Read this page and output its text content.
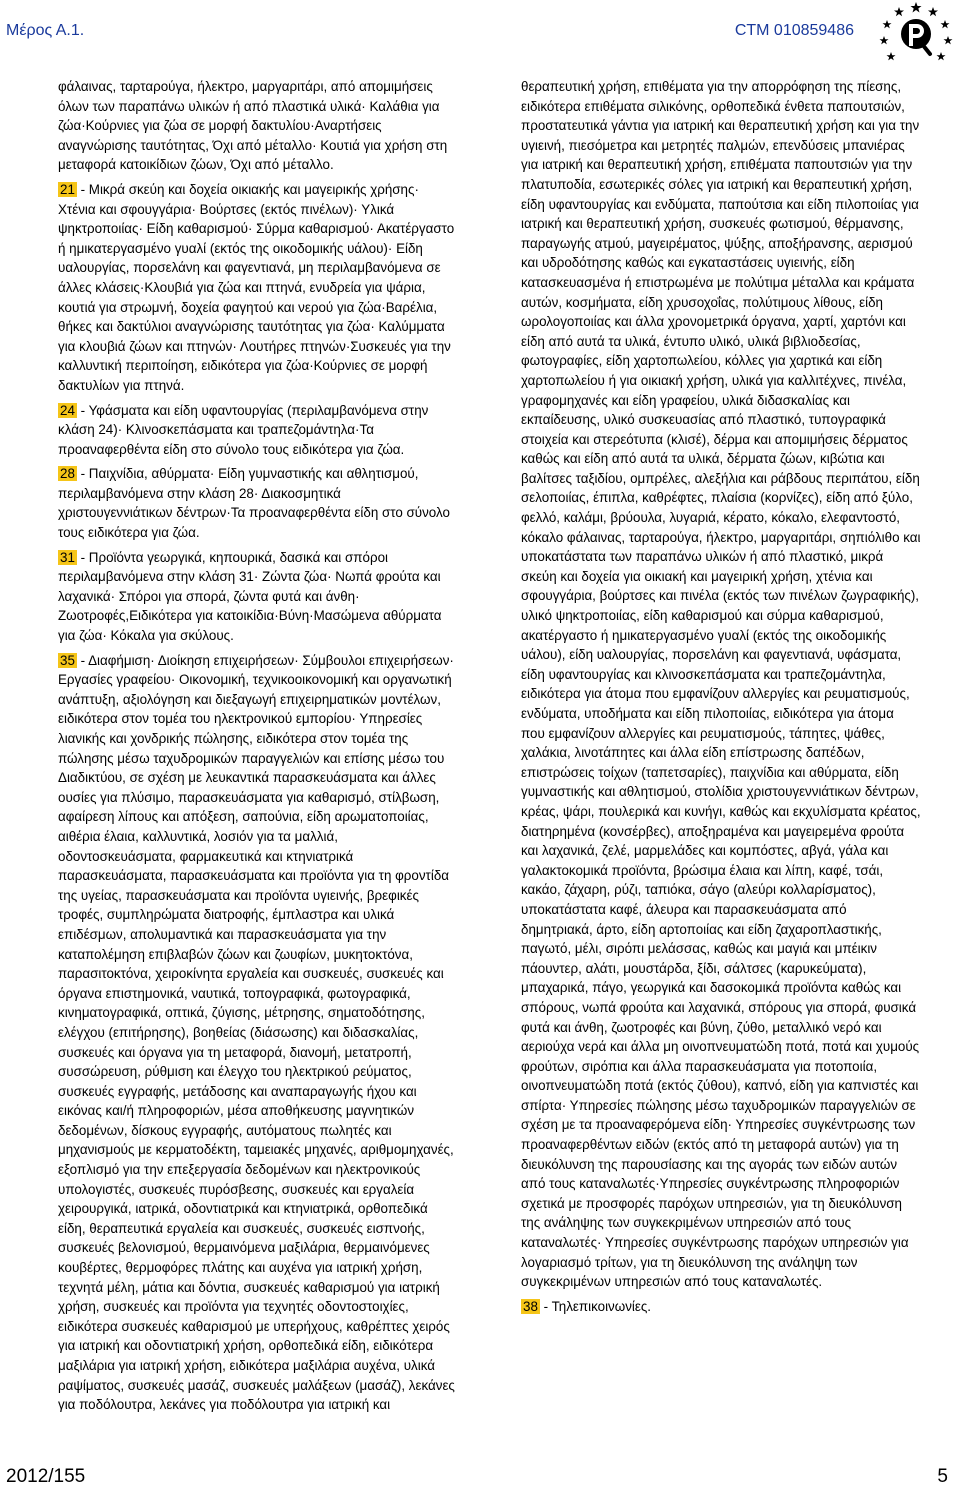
Μέρος Α.1.	CTM 010859486

φάλαινας, ταρταρούγα, ήλεκτρο, μαργαριτάρι, από απομιμήσεις όλων των παραπάνω υλικών ή από πλαστικά υλικά· Καλάθια για ζώα·Κούρνιες για ζώα σε μορφή δακτυλίου·Αναρτήσεις αναγνώρισης ταυτότητας, Όχι από μέταλλο· Κουτιά για χρήση στη μεταφορά κατοικίδιων ζώων, Όχι από μέταλλο.

21 - Μικρά σκεύη και δοχεία οικιακής και μαγειρικής χρήσης· Χτένια και σφουγγάρια· Βούρτσες (εκτός πινέλων)· Υλικά ψηκτροποιίας· Είδη καθαρισμού· Σύρμα καθαρισμού· Ακατέργαστο ή ημικατεργασμένο γυαλί (εκτός της οικοδομικής υάλου)· Είδη υαλουργίας, πορσελάνη και φαγεντιανά, μη περιλαμβανόμενα σε άλλες κλάσεις·Κλουβιά για ζώα και πτηνά, ενυδρεία για ψάρια, κουτιά για στρωμνή, δοχεία φαγητού και νερού για ζώα·Βαρέλια, θήκες και δακτύλιοι αναγνώρισης ταυτότητας για ζώα· Καλύμματα για κλουβιά ζώων και πτηνών· Λουτήρες πτηνών·Συσκευές για την καλλυντική περιποίηση, ειδικότερα για ζώα·Κούρνιες σε μορφή δακτυλίων για πτηνά.

24 - Υφάσματα και είδη υφαντουργίας (περιλαμβανόμενα στην κλάση 24)· Κλινοσκεπάσματα και τραπεζομάντηλα·Τα προαναφερθέντα είδη στο σύνολο τους ειδικότερα για ζώα.

28 - Παιχνίδια, αθύρματα· Είδη γυμναστικής και αθλητισμού, περιλαμβανόμενα στην κλάση 28· Διακοσμητικά χριστουγεννιάτικων δέντρων·Τα προαναφερθέντα είδη στο σύνολο τους ειδικότερα για ζώα.

31 - Προϊόντα γεωργικά, κηπουρικά, δασικά και σπόροι περιλαμβανόμενα στην κλάση 31· Ζώντα ζώα· Νωπά φρούτα και λαχανικά· Σπόροι για σπορά, ζώντα φυτά και άνθη· Ζωοτροφές,Ειδικότερα για κατοικίδια·Βύνη·Μασώμενα αθύρματα για ζώα· Κόκαλα για σκύλους.

35 - Διαφήμιση· Διοίκηση επιχειρήσεων· Σύμβουλοι επιχειρήσεων· Εργασίες γραφείου· Οικονομική, τεχνικοοικονομική και οργανωτική ανάπτυξη, αξιολόγηση και διεξαγωγή επιχειρηματικών μοντέλων, ειδικότερα στον τομέα του ηλεκτρονικού εμπορίου· Υπηρεσίες λιανικής και χονδρικής πώλησης, ειδικότερα στον τομέα της πώλησης μέσω ταχυδρομικών παραγγελιών και επίσης μέσω του Διαδικτύου, σε σχέση με λευκαντικά παρασκευάσματα και άλλες ουσίες για πλύσιμο, παρασκευάσματα για καθαρισμό, στίλβωση, αφαίρεση λίπους και απόξεση, σαπούνια, είδη αρωματοποιίας, αιθέρια έλαια, καλλυντικά, λοσιόν για τα μαλλιά, οδοντοσκευάσματα, φαρμακευτικά και κτηνιατρικά παρασκευάσματα, παρασκευάσματα και προϊόντα για τη φροντίδα της υγείας, παρασκευάσματα και προϊόντα υγιεινής, βρεφικές τροφές, συμπληρώματα διατροφής, έμπλαστρα και υλικά επιδέσμων, απολυμαντικά και παρασκευάσματα για την καταπολέμηση επιβλαβών ζώων και ζωυφίων, μυκητοκτόνα, παρασιτοκτόνα, χειροκίνητα εργαλεία και συσκευές, συσκευές και όργανα επιστημονικά, ναυτικά, τοπογραφικά, φωτογραφικά, κινηματογραφικά, οπτικά, ζύγισης, μέτρησης, σηματοδότησης, ελέγχου (επιτήρησης), βοηθείας (διάσωσης) και διδασκαλίας, συσκευές και όργανα για τη μεταφορά, διανομή, μετατροπή, συσσώρευση, ρύθμιση και έλεγχο του ηλεκτρικού ρεύματος, συσκευές εγγραφής, μετάδοσης και αναπαραγωγής ήχου και εικόνας και/ή πληροφοριών, μέσα αποθήκευσης μαγνητικών δεδομένων, δίσκους εγγραφής, αυτόματους πωλητές και μηχανισμούς με κερματοδέκτη, ταμειακές μηχανές, αριθμομηχανές, εξοπλισμό για την επεξεργασία δεδομένων και ηλεκτρονικούς υπολογιστές, συσκευές πυρόσβεσης, συσκευές και εργαλεία χειρουργικά, ιατρικά, οδοντιατρικά και κτηνιατρικά, ορθοπεδικά είδη, θεραπευτικά εργαλεία και συσκευές, συσκευές εισπνοής, συσκευές βελονισμού, θερμαινόμενα μαξιλάρια, θερμαινόμενες κουβέρτες, θερμοφόρες πλάτης και αυχένα για ιατρική χρήση, τεχνητά μέλη, μάτια και δόντια, συσκευές καθαρισμού για ιατρική χρήση, συσκευές και προϊόντα για τεχνητές οδοντοστοιχίες, ειδικότερα συσκευές καθαρισμού με υπερήχους, καθρέπτες χειρός για ιατρική και οδοντιατρική χρήση, ορθοπεδικά είδη, ειδικότερα μαξιλάρια για ιατρική χρήση, ειδικότερα μαξιλάρια αυχένα, υλικά ραψίματος, συσκευές μασάζ, συσκευές μαλάξεων (μασάζ), λεκάνες για ποδόλουτρα, λεκάνες για ποδόλουτρα για ιατρική και

θεραπευτική χρήση, επιθέματα για την απορρόφηση της πίεσης, ειδικότερα επιθέματα σιλικόνης, ορθοπεδικά ένθετα παπουτσιών, προστατευτικά γάντια για ιατρική και θεραπευτική χρήση και για την υγιεινή, πιεσόμετρα και μετρητές παλμών, επενδύσεις μπανιέρας για ιατρική και θεραπευτική χρήση, επιθέματα παπουτσιών για την πλατυποδία, εσωτερικές σόλες για ιατρική και θεραπευτική χρήση, είδη υφαντουργίας και ενδύματα, παπούτσια και είδη πιλοποιίας για ιατρική και θεραπευτική χρήση, συσκευές φωτισμού, θέρμανσης, παραγωγής ατμού, μαγειρέματος, ψύξης, αποξήρανσης, αερισμού και υδροδότησης καθώς και εγκαταστάσεις υγιεινής, είδη κατασκευασμένα ή επιστρωμένα με πολύτιμα μέταλλα και κράματα αυτών, κοσμήματα, είδη χρυσοχοΐας, πολύτιμους λίθους, είδη ωρολογοποιίας και άλλα χρονομετρικά όργανα, χαρτί, χαρτόνι και είδη από αυτά τα υλικά, έντυπο υλικό, υλικά βιβλιοδεσίας, φωτογραφίες, είδη χαρτοπωλείου, κόλλες για χαρτικά και είδη χαρτοπωλείου ή για οικιακή χρήση, υλικά για καλλιτέχνες, πινέλα, γραφομηχανές και είδη γραφείου, υλικά διδασκαλίας και εκπαίδευσης, υλικό συσκευασίας από πλαστικό, τυπογραφικά στοιχεία και στερεότυπα (κλισέ), δέρμα και απομιμήσεις δέρματος καθώς και είδη από αυτά τα υλικά, δέρματα ζώων, κιβώτια και βαλίτσες ταξιδίου, ομπρέλες, αλεξήλια και ράβδους περιπάτου, είδη σελοποιίας, έπιπλα, καθρέφτες, πλαίσια (κορνίζες), είδη από ξύλο, φελλό, καλάμι, βρύουλα, λυγαριά, κέρατο, κόκαλο, ελεφαντοστό, κόκαλο φάλαινας, ταρταρούγα, ήλεκτρο, μαργαριτάρι, σηπιόλιθο και υποκατάστατα των παραπάνω υλικών ή από πλαστικό, μικρά σκεύη και δοχεία για οικιακή και μαγειρική χρήση, χτένια και σφουγγάρια, βούρτσες και πινέλα (εκτός των πινέλων ζωγραφικής), υλικό ψηκτροποιίας, είδη καθαρισμού και σύρμα καθαρισμού, ακατέργαστο ή ημικατεργασμένο γυαλί (εκτός της οικοδομικής υάλου), είδη υαλουργίας, πορσελάνη και φαγεντιανά, υφάσματα, είδη υφαντουργίας και κλινοσκεπάσματα και τραπεζομάντηλα, ειδικότερα για άτομα που εμφανίζουν αλλεργίες και ρευματισμούς, ενδύματα, υποδήματα και είδη πιλοποιίας, ειδικότερα για άτομα που εμφανίζουν αλλεργίες και ρευματισμούς, τάπητες, ψάθες, χαλάκια, λινοτάπητες και άλλα είδη επίστρωσης δαπέδων, επιστρώσεις τοίχων (ταπετσαρίες), παιχνίδια και αθύρματα, είδη γυμναστικής και αθλητισμού, στολίδια χριστουγεννιάτικων δέντρων, κρέας, ψάρι, πουλερικά και κυνήγι, καθώς και εκχυλίσματα κρέατος, διατηρημένα (κονσέρβες), αποξηραμένα και μαγειρεμένα φρούτα και λαχανικά, ζελέ, μαρμελάδες και κομπόστες, αβγά, γάλα και γαλακτοκομικά προϊόντα, βρώσιμα έλαια και λίπη, καφέ, τσάι, κακάο, ζάχαρη, ρύζι, ταπιόκα, σάγο (αλεύρι κολλαρίσματος), υποκατάστατα καφέ, άλευρα και παρασκευάσματα από δημητριακά, άρτο, είδη αρτοποιίας και είδη ζαχαροπλαστικής, παγωτό, μέλι, σιρόπι μελάσσας, καθώς και μαγιά και μπέικιν πάουντερ, αλάτι, μουστάρδα, ξίδι, σάλτσες (καρυκεύματα), μπαχαρικά, πάγο, γεωργικά και δασοκομικά προϊόντα καθώς και σπόρους, νωπά φρούτα και λαχανικά, σπόρους για σπορά, φυσικά φυτά και άνθη, ζωοτροφές και βύνη, ζύθο, μεταλλικό νερό και αεριούχα νερά και άλλα μη οινοπνευματώδη ποτά, ποτά και χυμούς φρούτων, σιρόπια και άλλα παρασκευάσματα για ποτοποιία, οινοπνευματώδη ποτά (εκτός ζύθου), καπνό, είδη για καπνιστές και σπίρτα· Υπηρεσίες πώλησης μέσω ταχυδρομικών παραγγελιών σε σχέση με τα προαναφερόμενα είδη· Υπηρεσίες συγκέντρωσης των προαναφερθέντων ειδών (εκτός από τη μεταφορά αυτών) για τη διευκόλυνση της παρουσίασης και της αγοράς των ειδών αυτών από τους καταναλωτές·Υπηρεσίες συγκέντρωσης πληροφοριών σχετικά με προσφορές παρόχων υπηρεσιών, για τη διευκόλυνση της ανάληψης των συγκεκριμένων υπηρεσιών από τους καταναλωτές· Υπηρεσίες συγκέντρωσης παρόχων υπηρεσιών για λογαριασμό τρίτων, για τη διευκόλυνση της ανάληψη των συγκεκριμένων υπηρεσιών από τους καταναλωτές.

38 - Τηλεπικοινωνίες.

2012/155	5
